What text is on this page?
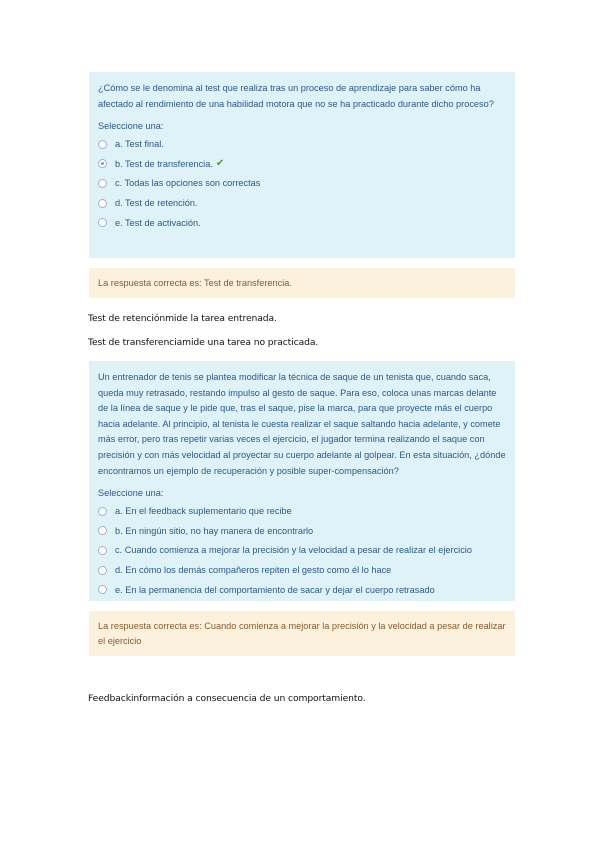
¿Cómo se le denomina al test que realiza tras un proceso de aprendizaje para saber cómo ha afectado al rendimiento de una habilidad motora que no se ha practicado durante dicho proceso?

Seleccione una:

a. Test final.
b. Test de transferencia. ✔
c. Todas las opciones son correctas
d. Test de retención.
e. Test de activación.
La respuesta correcta es: Test de transferencia.
Test de retenciónmide la tarea entrenada.
Test de transferenciamide una tarea no practicada.

Un entrenador de tenis se plantea modificar la técnica de saque de un tenista que, cuando saca, queda muy retrasado, restando impulso al gesto de saque. Para eso, coloca unas marcas delante de la línea de saque y le pide que, tras el saque, pise la marca, para que proyecte más el cuerpo hacia adelante. Al principio, al tenista le cuesta realizar el saque saltando hacia adelante, y comete más error, pero tras repetir varias veces el ejercicio, el jugador termina realizando el saque con precisión y con más velocidad al proyectar su cuerpo adelante al golpear. En esta situación, ¿dónde encontramos un ejemplo de recuperación y posible super-compensación?

Seleccione una:

a. En el feedback suplementario que recibe
b. En ningún sitio, no hay manera de encontrarlo
c. Cuando comienza a mejorar la precisión y la velocidad a pesar de realizar el ejercicio
d. En cómo los demás compañeros repiten el gesto como él lo hace
e. En la permanencia del comportamiento de sacar y dejar el cuerpo retrasado
La respuesta correcta es: Cuando comienza a mejorar la precisión y la velocidad a pesar de realizar el ejercicio
Feedbackinformación a consecuencia de un comportamiento.
